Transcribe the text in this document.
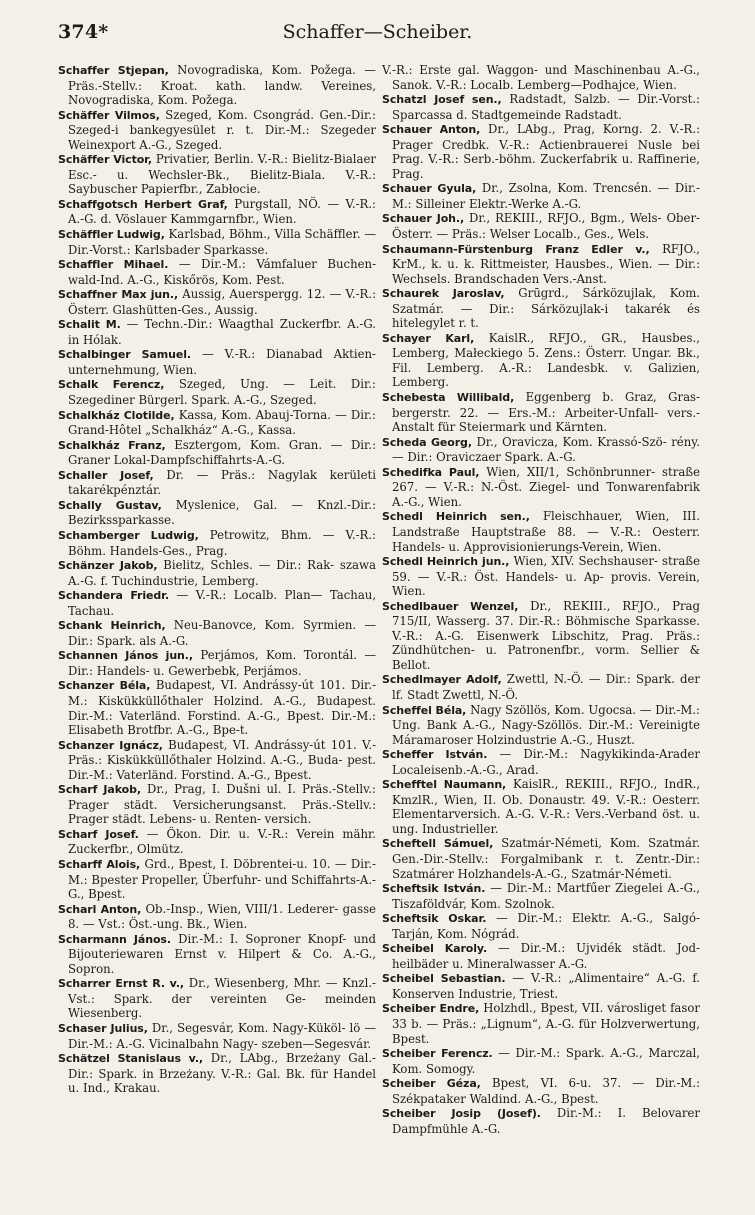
374*	Schaffer—Scheiber.

Schaffer Stjepan, Novogradiska, Kom. Požega. — Präs.-Stellv.: Kroat. kath. landw. Vereines, Novogradiska, Kom. Požega.

Schäffer Vilmos, Szeged, Kom. Csongrád. Gen.-Dir.: Szeged-i bankegyesület r. t. Dir.-M.: Szegeder Weinexport A.-G., Szeged.

Schäffer Victor, Privatier, Berlin. V.-R.: Bielitz-Bialaer Esc.- u. Wechsler-Bk., Bielitz-Biala. V.-R.: Saybuscher Papierfbr., Zabłocie.

Schaffgotsch Herbert Graf, Purgstall, NÖ. — V.-R.: A.-G. d. Vöslauer Kammgarnfbr., Wien.

Schäffler Ludwig, Karlsbad, Böhm., Villa Schäffler. — Dir.-Vorst.: Karlsbader Sparkasse.

Schaffler Mihael. — Dir.-M.: Vámfaluer Buchen- wald-Ind. A.-G., Kiskőrös, Kom. Pest.

Schaffner Max jun., Aussig, Auerspergg. 12. — V.-R.: Österr. Glashütten-Ges., Aussig.

Schalit M. — Techn.-Dir.: Waagthal Zuckerfbr. A.-G. in Hólak.

Schalbinger Samuel. — V.-R.: Dianabad Aktien- unternehmung, Wien.

Schalk Ferencz, Szeged, Ung. — Leit. Dir.: Szegediner Bürgerl. Spark. A.-G., Szeged.

Schalkház Clotilde, Kassa, Kom. Abauj-Torna. — Dir.: Grand-Hôtel „Schalkház“ A.-G., Kassa.

Schalkház Franz, Esztergom, Kom. Gran. — Dir.: Graner Lokal-Dampfschiffahrts-A.-G.

Schaller Josef, Dr. — Präs.: Nagylak kerületi takarékpénztár.

Schally Gustav, Myslenice, Gal. — Knzl.-Dir.: Bezirkssparkasse.

Schamberger Ludwig, Petrowitz, Bhm. — V.-R.: Böhm. Handels-Ges., Prag.

Schänzer Jakob, Bielitz, Schles. — Dir.: Rak- szawa A.-G. f. Tuchindustrie, Lemberg.

Schandera Friedr. — V.-R.: Localb. Plan— Tachau, Tachau.

Schank Heinrich, Neu-Banovce, Kom. Syrmien. — Dir.: Spark. als A.-G.

Schannen János jun., Perjámos, Kom. Torontál. — Dir.: Handels- u. Gewerbebk, Perjámos.

Schanzer Béla, Budapest, VI. Andrássy-út 101. Dir.-M.: Kiskükküllőthaler Holzind. A.-G., Budapest. Dir.-M.: Vaterländ. Forstind. A.-G., Bpest. Dir.-M.: Elisabeth Brotfbr. A.-G., Bpe-t.

Schanzer Ignácz, Budapest, VI. Andrássy-út 101. V.-Präs.: Kiskükküllőthaler Holzind. A.-G., Buda- pest. Dir.-M.: Vaterländ. Forstind. A.-G., Bpest.

Scharf Jakob, Dr., Prag, I. Dušni ul. I. Präs.-Stellv.: Prager städt. Versicherungsanst. Präs.-Stellv.: Prager städt. Lebens- u. Renten- versich.

Scharf Josef. — Ökon. Dir. u. V.-R.: Verein mähr. Zuckerfbr., Olmütz.

Scharff Alois, Grd., Bpest, I. Döbrentei-u. 10. — Dir.-M.: Bpester Propeller, Überfuhr- und Schiffahrts-A.-G., Bpest.

Scharl Anton, Ob.-Insp., Wien, VIII/1. Lederer- gasse 8. — Vst.: Öst.-ung. Bk., Wien.

Scharmann János. Dir.-M.: I. Soproner Knopf- und Bijouteriewaren Ernst v. Hilpert & Co. A.-G., Sopron.

Scharrer Ernst R. v., Dr., Wiesenberg, Mhr. — Knzl.-Vst.: Spark. der vereinten Ge- meinden Wiesenberg.

Schaser Julius, Dr., Segesvár, Kom. Nagy-Küköl- lö — Dir.-M.: A.-G. Vicinalbahn Nagy- szeben—Segesvár.

Schätzel Stanislaus v., Dr., LAbg., Brzeżany Gal.- Dir.: Spark. in Brzeżany. V.-R.: Gal. Bk. für Handel u. Ind., Krakau.

V.-R.: Erste gal. Waggon- und Maschinenbau A.-G., Sanok. V.-R.: Localb. Lemberg—Podhajce, Wien.

Schatzl Josef sen., Radstadt, Salzb. — Dir.-Vorst.: Sparcassa d. Stadtgemeinde Radstadt.

Schauer Anton, Dr., LAbg., Prag, Korng. 2. V.-R.: Prager Credbk. V.-R.: Actienbrauerei Nusle bei Prag. V.-R.: Serb.-böhm. Zuckerfabrik u. Raffinerie, Prag.

Schauer Gyula, Dr., Zsolna, Kom. Trencsén. — Dir.-M.: Silleiner Elektr.-Werke A.-G.

Schauer Joh., Dr., REKIII., RFJO., Bgm., Wels- Ober-Österr. — Präs.: Welser Localb., Ges., Wels.

Schaumann-Fürstenburg Franz Edler v., RFJO., KrM., k. u. k. Rittmeister, Hausbes., Wien. — Dir.: Wechsels. Brandschaden Vers.-Anst.

Schaurek Jaroslav, Grūgrd., Sárközujlak, Kom. Szatmár. — Dir.: Sárközujlak-i takarék és hitelegylet r. t.

Schayer Karl, KaislR., RFJO., GR., Hausbes., Lemberg, Małeckiego 5. Zens.: Österr. Ungar. Bk., Fil. Lemberg. A.-R.: Landesbk. v. Galizien, Lemberg.

Schebesta Willibald, Eggenberg b. Graz, Gras- bergerstr. 22. — Ers.-M.: Arbeiter-Unfall- vers.-Anstalt für Steiermark und Kärnten.

Scheda Georg, Dr., Oravicza, Kom. Krassó-Szö- rény. — Dir.: Oraviczaer Spark. A.-G.

Schedifka Paul, Wien, XII/1, Schönbrunner- straße 267. — V.-R.: N.-Öst. Ziegel- und Tonwarenfabrik A.-G., Wien.

Schedl Heinrich sen., Fleischhauer, Wien, III. Landstraße Hauptstraße 88. — V.-R.: Oesterr. Handels- u. Approvisionierungs-Verein, Wien.

Schedl Heinrich jun., Wien, XIV. Sechshauser- straße 59. — V.-R.: Öst. Handels- u. Ap- provis. Verein, Wien.

Schedlbauer Wenzel, Dr., REKIII., RFJO., Prag 715/II, Wasserg. 37. Dir.-R.: Böhmische Sparkasse. V.-R.: A.-G. Eisenwerk Libschitz, Prag. Präs.: Zündhütchen- u. Patronenfbr., vorm. Sellier & Bellot.

Schedlmayer Adolf, Zwettl, N.-Ö. — Dir.: Spark. der lf. Stadt Zwettl, N.-Ö.

Scheffel Béla, Nagy Szöllös, Kom. Ugocsa. — Dir.-M.: Ung. Bank A.-G., Nagy-Szöllös. Dir.-M.: Vereinigte Máramaroser Holzindustrie A.-G., Huszt.

Scheffer István. — Dir.-M.: Nagykikinda-Arader Localeisenb.-A.-G., Arad.

Schefftel Naumann, KaislR., REKIII., RFJO., IndR., KmzlR., Wien, II. Ob. Donaustr. 49. V.-R.: Oesterr. Elementarversich. A.-G. V.-R.: Vers.-Verband öst. u. ung. Industrieller.

Scheftell Sámuel, Szatmár-Németi, Kom. Szatmár. Gen.-Dir.-Stellv.: Forgalmibank r. t. Zentr.-Dir.: Szatmárer Holzhandels-A.-G., Szatmár-Németi.

Scheftsik István. — Dir.-M.: Martfűer Ziegelei A.-G., Tiszaföldvár, Kom. Szolnok.

Scheftsik Oskar. — Dir.-M.: Elektr. A.-G., Salgó-Tarján, Kom. Nógrád.

Scheibel Karoly. — Dir.-M.: Ujvidék städt. Jod- heilbäder u. Mineralwasser A.-G.

Scheibel Sebastian. — V.-R.: „Alimentaire“ A.-G. f. Konserven Industrie, Triest.

Scheiber Endre, Holzhdl., Bpest, VII. városliget fasor 33 b. — Präs.: „Lignum“, A.-G. für Holzverwertung, Bpest.

Scheiber Ferencz. — Dir.-M.: Spark. A.-G., Marczal, Kom. Somogy.

Scheiber Géza, Bpest, VI. 6-u. 37. — Dir.-M.: Székpataker Waldind. A.-G., Bpest.

Scheiber Josip (Josef). Dir.-M.: I. Belovarer Dampfmühle A.-G.
